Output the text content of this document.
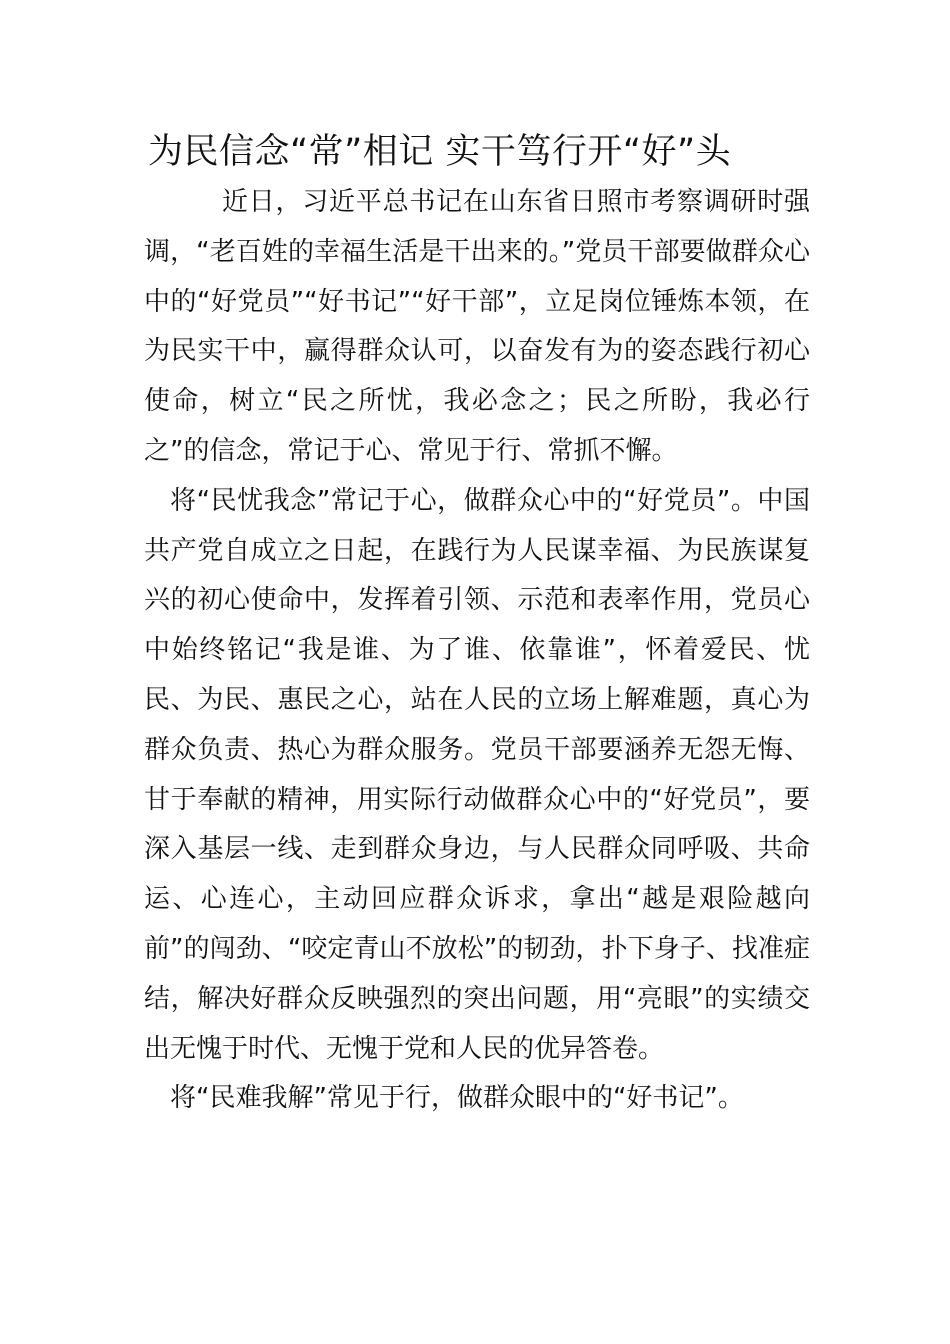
为民信念“常”相记 实干笃行开“好”头

近日，习近平总书记在山东省日照市考察调研时强调，“老百姓的幸福生活是干出来的。”党员干部要做群众心中的“好党员”“好书记”“好干部”，立足岗位锤炼本领，在为民实干中，赢得群众认可，以奋发有为的姿态践行初心使命，树立“民之所忧，我必念之；民之所盼，我必行之”的信念，常记于心、常见于行、常抓不懈。

将“民忧我念”常记于心，做群众心中的“好党员”。中国共产党自成立之日起，在践行为人民谋幸福、为民族谋复兴的初心使命中，发挥着引领、示范和表率作用，党员心中始终铭记“我是谁、为了谁、依靠谁”，怀着爱民、忧民、为民、惠民之心，站在人民的立场上解难题，真心为群众负责、热心为群众服务。党员干部要涵养无怨无悔、甘于奉献的精神，用实际行动做群众心中的“好党员”，要深入基层一线、走到群众身边，与人民群众同呼吸、共命运、心连心，主动回应群众诉求，拿出“越是艰险越向前”的闯劲、“咬定青山不放松”的韧劲，扑下身子、找准症结，解决好群众反映强烈的突出问题，用“亮眼”的实绩交出无愧于时代、无愧于党和人民的优异答卷。

将“民难我解”常见于行，做群众眼中的“好书记”。
